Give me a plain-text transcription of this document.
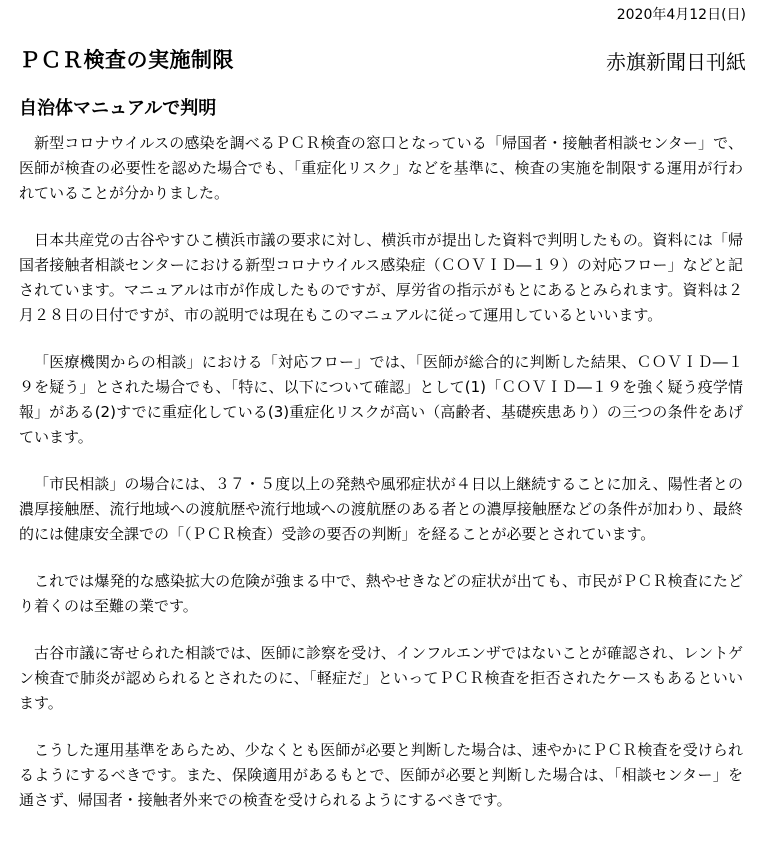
2020年4月12日(日)
ＰＣＲ検査の実施制限	赤旗新聞日刊紙
自治体マニュアルで判明

新型コロナウイルスの感染を調べるＰＣＲ検査の窓口となっている「帰国者・接触者相談センター」で、医師が検査の必要性を認めた場合でも、「重症化リスク」などを基準に、検査の実施を制限する運用が行われていることが分かりました。

日本共産党の古谷やすひこ横浜市議の要求に対し、横浜市が提出した資料で判明したもの。資料には「帰国者接触者相談センターにおける新型コロナウイルス感染症（ＣＯＶＩＤ―１９）の対応フロー」などと記されています。マニュアルは市が作成したものですが、厚労省の指示がもとにあるとみられます。資料は２月２８日の日付ですが、市の説明では現在もこのマニュアルに従って運用しているといいます。

「医療機関からの相談」における「対応フロー」では、「医師が総合的に判断した結果、ＣＯＶＩＤ―１９を疑う」とされた場合でも、「特に、以下について確認」として(1)「ＣＯＶＩＤ―１９を強く疑う疫学情報」がある(2)すでに重症化している(3)重症化リスクが高い（高齢者、基礎疾患あり）の三つの条件をあげています。

「市民相談」の場合には、３７・５度以上の発熱や風邪症状が４日以上継続することに加え、陽性者との濃厚接触歴、流行地域への渡航歴や流行地域への渡航歴のある者との濃厚接触歴などの条件が加わり、最終的には健康安全課での「（ＰＣＲ検査）受診の要否の判断」を経ることが必要とされています。

これでは爆発的な感染拡大の危険が強まる中で、熱やせきなどの症状が出ても、市民がＰＣＲ検査にたどり着くのは至難の業です。

古谷市議に寄せられた相談では、医師に診察を受け、インフルエンザではないことが確認され、レントゲン検査で肺炎が認められるとされたのに、「軽症だ」といってＰＣＲ検査を拒否されたケースもあるといいます。

こうした運用基準をあらため、少なくとも医師が必要と判断した場合は、速やかにＰＣＲ検査を受けられるようにするべきです。また、保険適用があるもとで、医師が必要と判断した場合は、「相談センター」を通さず、帰国者・接触者外来での検査を受けられるようにするべきです。
